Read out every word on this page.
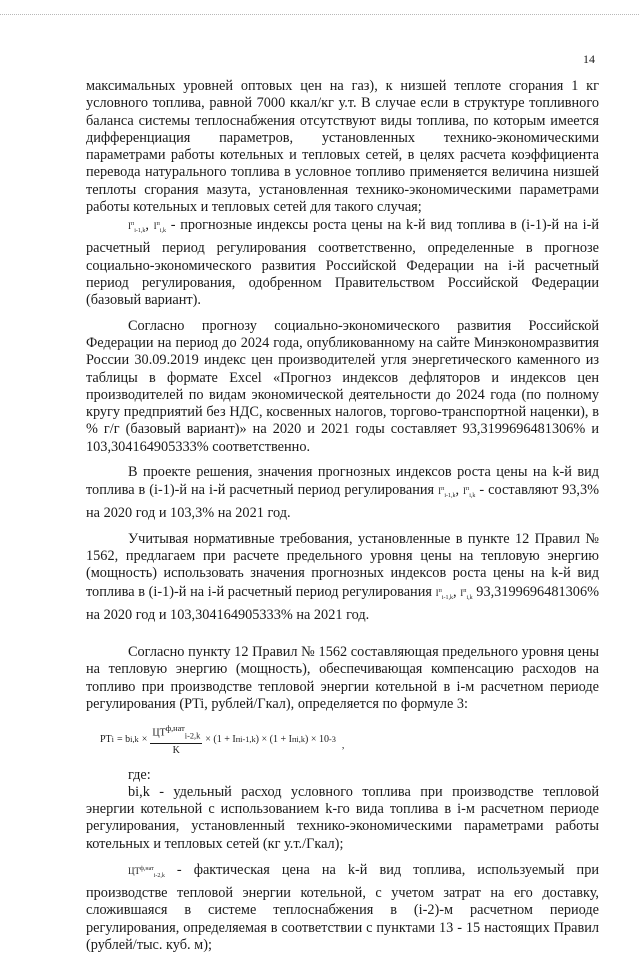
14

максимальных уровней оптовых цен на газ), к низшей теплоте сгорания 1 кг условного топлива, равной 7000 ккал/кг у.т. В случае если в структуре топливного баланса системы теплоснабжения отсутствуют виды топлива, по которым имеется дифференциация параметров, установленных технико-экономическими параметрами работы котельных и тепловых сетей, в целях расчета коэффициента перевода натурального топлива в условное топливо применяется величина низшей теплоты сгорания мазута, установленная технико-экономическими параметрами работы котельных и тепловых сетей для такого случая;

$I^п_{i-1,k}$, $I^п_{i,k}$ - прогнозные индексы роста цены на k-й вид топлива в (i-1)-й на i-й расчетный период регулирования соответственно, определенные в прогнозе социально-экономического развития Российской Федерации на i-й расчетный период регулирования, одобренном Правительством Российской Федерации (базовый вариант).

Согласно прогнозу социально-экономического развития Российской Федерации на период до 2024 года, опубликованному на сайте Минэкономразвития России 30.09.2019 индекс цен производителей угля энергетического каменного из таблицы в формате Excel «Прогноз индексов дефляторов и индексов цен производителей по видам экономической деятельности до 2024 года (по полному кругу предприятий без НДС, косвенных налогов, торгово-транспортной наценки), в % г/г (базовый вариант)» на 2020 и 2021 годы составляет 93,3199696481306% и 103,304164905333% соответственно.

В проекте решения, значения прогнозных индексов роста цены на k-й вид топлива в (i-1)-й на i-й расчетный период регулирования $I^п_{i-1,k}$, $I^п_{i,k}$ - составляют 93,3% на 2020 год и 103,3% на 2021 год.

Учитывая нормативные требования, установленные в пункте 12 Правил № 1562, предлагаем при расчете предельного уровня цены на тепловую энергию (мощность) использовать значения прогнозных индексов роста цены на k-й вид топлива в (i-1)-й на i-й расчетный период регулирования $I^п_{i-1,k}$, $I^п_{i,k}$ 93,3199696481306% на 2020 год и 103,304164905333% на 2021 год.

Согласно пункту 12 Правил № 1562 составляющая предельного уровня цены на тепловую энергию (мощность), обеспечивающая компенсацию расходов на топливо при производстве тепловой энергии котельной в i-м расчетном периоде регулирования (PTi, рублей/Гкал), определяется по формуле 3:

PT i = b $i,k \times \frac{ЦТ^{ф,нат}_{i-2,k}}{K} \times (1 + I$ п i-1,k ) × (1 + I п i,k ) × 10 -3
,

где:

bi,k - удельный расход условного топлива при производстве тепловой энергии котельной с использованием k-го вида топлива в i-м расчетном периоде регулирования, установленный технико-экономическими параметрами работы котельных и тепловых сетей (кг у.т./Гкал);

$ЦТ^{ф,нат}_{i-2,k}$ - фактическая цена на k-й вид топлива, используемый при производстве тепловой энергии котельной, с учетом затрат на его доставку, сложившаяся в системе теплоснабжения в (i-2)-м расчетном периоде регулирования, определяемая в соответствии с пунктами 13 - 15 настоящих Правил (рублей/тыс. куб. м);
